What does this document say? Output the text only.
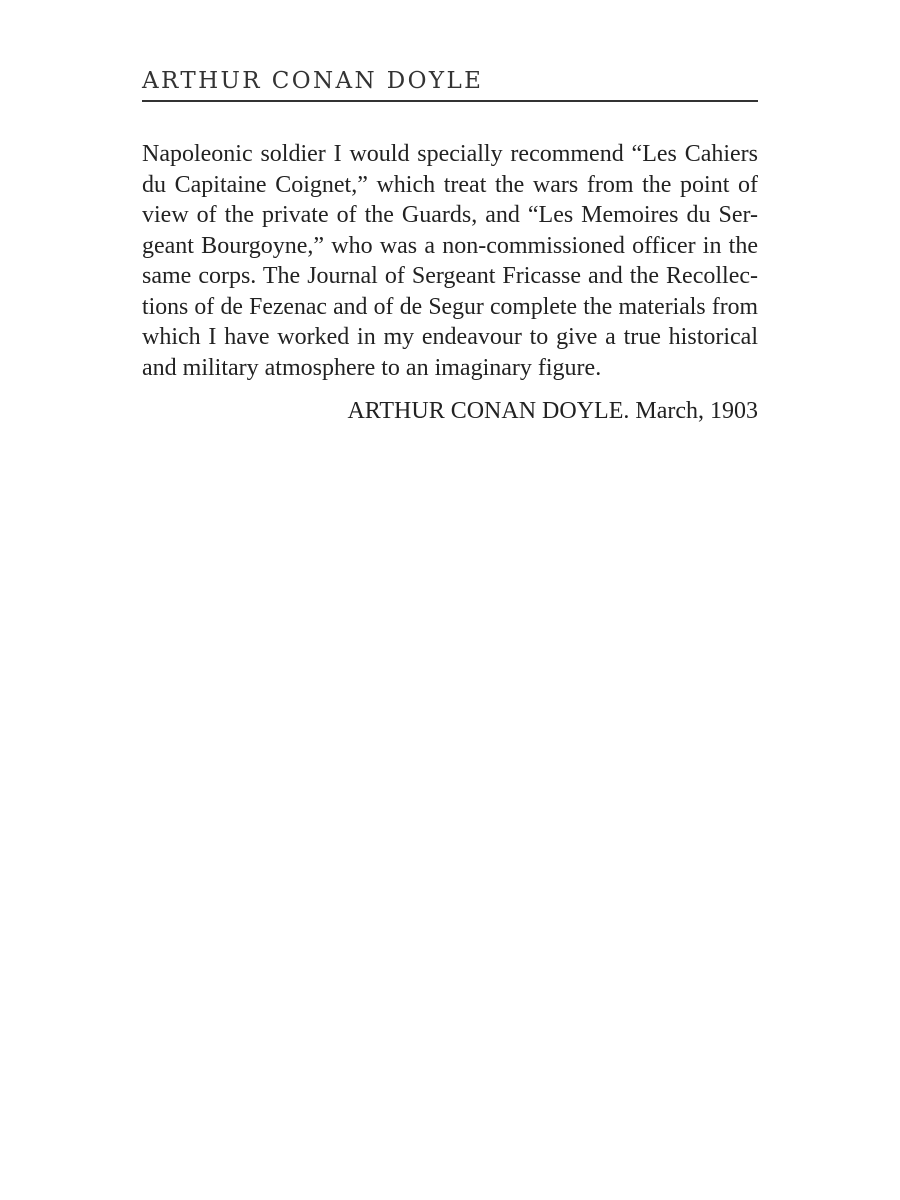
ARTHUR CONAN DOYLE
Napoleonic soldier I would specially recommend “Les Cahiers
du Capitaine Coignet,” which treat the wars from the point of
view of the private of the Guards, and “Les Memoires du Ser-
geant Bourgoyne,” who was a non-commissioned officer in the
same corps. The Journal of Sergeant Fricasse and the Recollec-
tions of de Fezenac and of de Segur complete the materials from
which I have worked in my endeavour to give a true historical
and military atmosphere to an imaginary figure.
ARTHUR CONAN DOYLE. March, 1903
